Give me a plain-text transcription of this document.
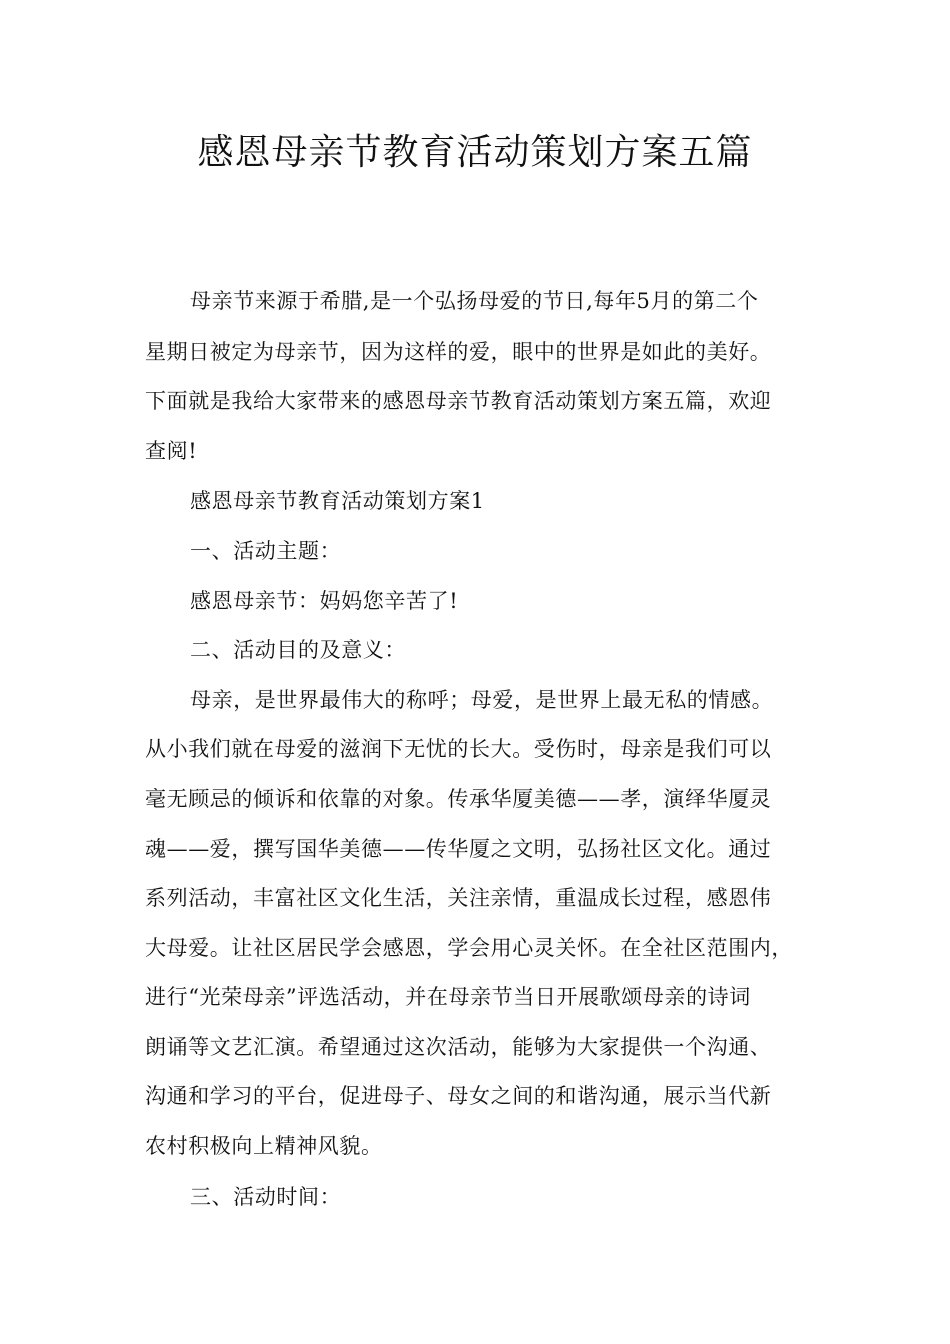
感恩母亲节教育活动策划方案五篇

母亲节来源于希腊,是一个弘扬母爱的节日,每年5月的第二个

星期日被定为母亲节，因为这样的爱，眼中的世界是如此的美好。

下面就是我给大家带来的感恩母亲节教育活动策划方案五篇，欢迎

查阅!

感恩母亲节教育活动策划方案1

一、活动主题：

感恩母亲节：妈妈您辛苦了!

二、活动目的及意义：

母亲，是世界最伟大的称呼；母爱，是世界上最无私的情感。

从小我们就在母爱的滋润下无忧的长大。受伤时，母亲是我们可以

毫无顾忌的倾诉和依靠的对象。传承华厦美德——孝，演绎华厦灵

魂——爱，撰写国华美德——传华厦之文明，弘扬社区文化。通过

系列活动，丰富社区文化生活，关注亲情，重温成长过程，感恩伟

大母爱。让社区居民学会感恩，学会用心灵关怀。在全社区范围内，

进行“光荣母亲”评选活动，并在母亲节当日开展歌颂母亲的诗词

朗诵等文艺汇演。希望通过这次活动，能够为大家提供一个沟通、

沟通和学习的平台，促进母子、母女之间的和谐沟通，展示当代新

农村积极向上精神风貌。

三、活动时间：
